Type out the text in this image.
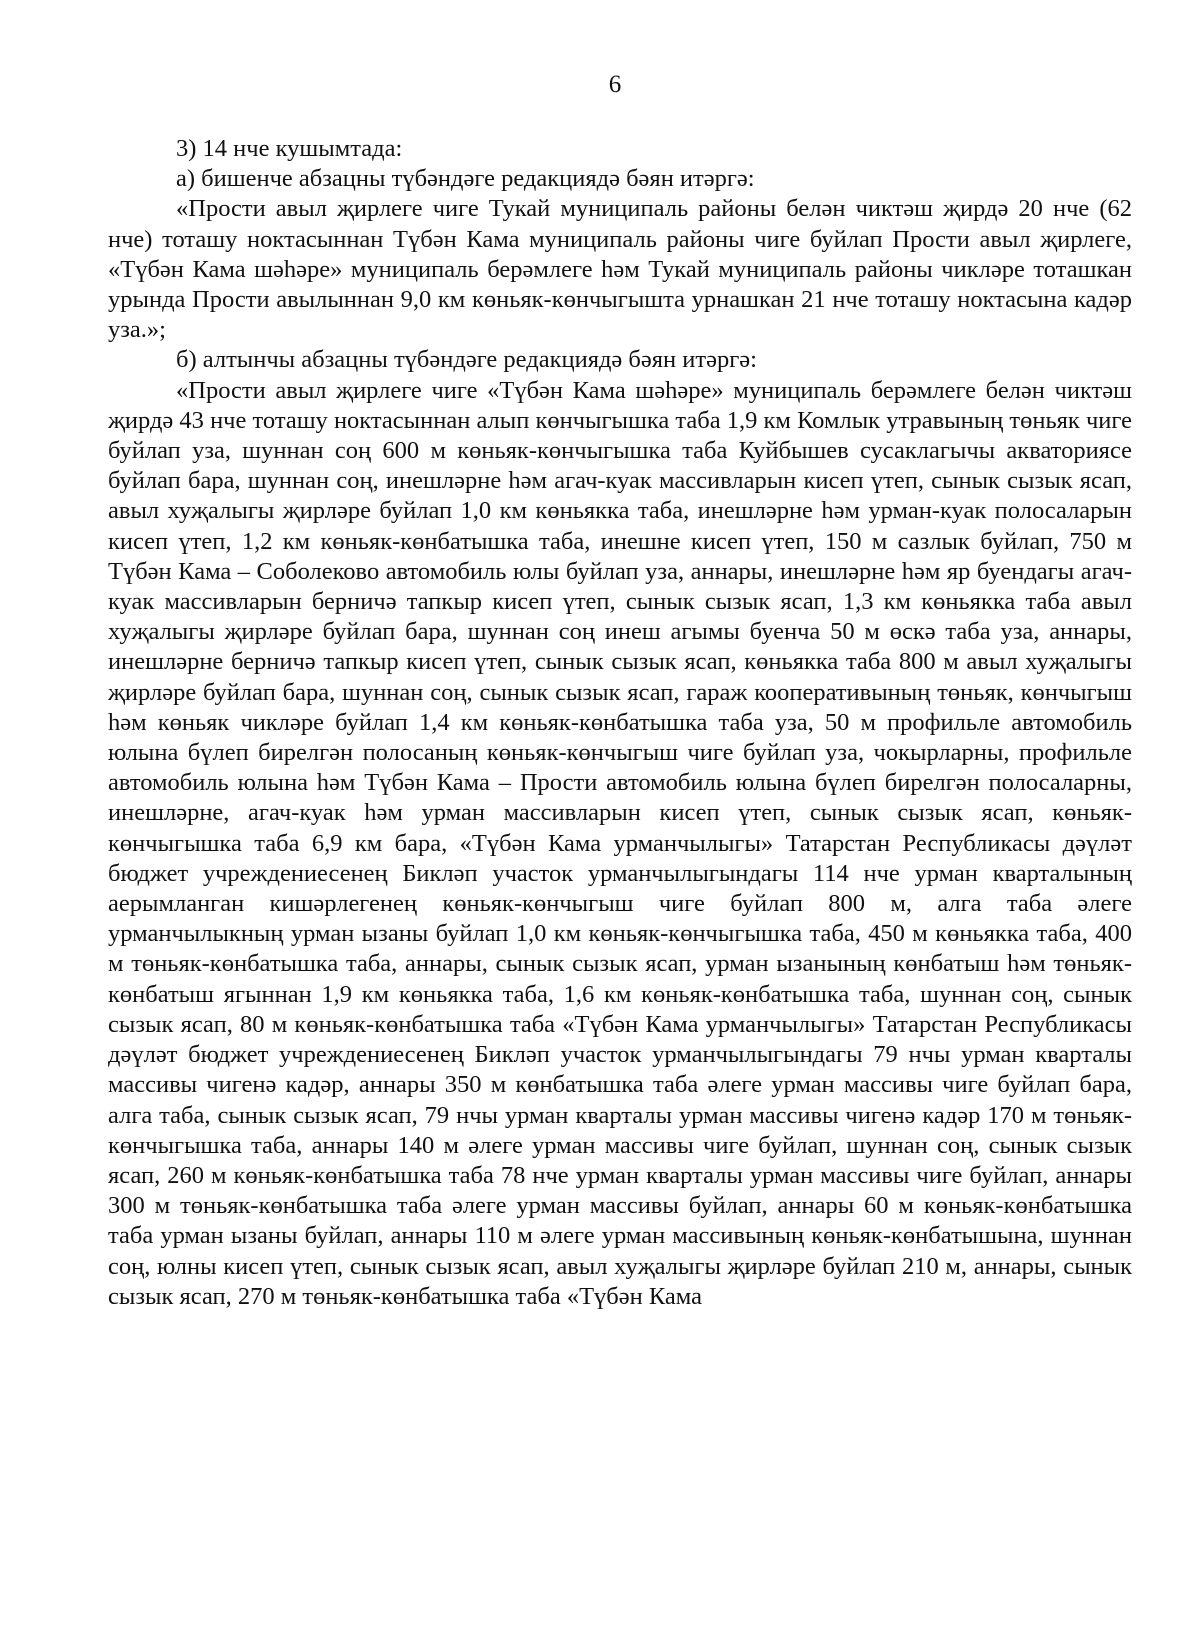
6

3) 14 нче кушымтада:

а) бишенче абзацны түбәндәге редакциядә бәян итәргә:

«Прости авыл җирлеге чиге Тукай муниципаль районы белән чиктәш җирдә 20 нче (62 нче) тоташу ноктасыннан Түбән Кама муниципаль районы чиге буйлап Прости авыл җирлеге, «Түбән Кама шәһәре» муниципаль берәмлеге һәм Тукай муниципаль районы чикләре тоташкан урында Прости авылыннан 9,0 км көньяк-көнчыгышта урнашкан 21 нче тоташу ноктасына кадәр уза.»;

б) алтынчы абзацны түбәндәге редакциядә бәян итәргә:

«Прости авыл җирлеге чиге «Түбән Кама шәһәре» муниципаль берәмлеге белән чиктәш җирдә 43 нче тоташу ноктасыннан алып көнчыгышка таба 1,9 км Комлык утравының төньяк чиге буйлап уза, шуннан соң 600 м көньяк-көнчыгышка таба Куйбышев сусаклагычы акваториясе буйлап бара, шуннан соң, инешләрне һәм агач-куак массивларын кисеп үтеп, сынык сызык ясап, авыл хуҗалыгы җирләре буйлап 1,0 км көньякка таба, инешләрне һәм урман-куак полосаларын кисеп үтеп, 1,2 км көньяк-көнбатышка таба, инешне кисеп үтеп, 150 м сазлык буйлап, 750 м Түбән Кама – Соболеково автомобиль юлы буйлап уза, аннары, инешләрне һәм яр буендагы агач-куак массивларын берничә тапкыр кисеп үтеп, сынык сызык ясап, 1,3 км көньякка таба авыл хуҗалыгы җирләре буйлап бара, шуннан соң инеш агымы буенча 50 м өскә таба уза, аннары, инешләрне берничә тапкыр кисеп үтеп, сынык сызык ясап, көньякка таба 800 м авыл хуҗалыгы җирләре буйлап бара, шуннан соң, сынык сызык ясап, гараж кооперативының төньяк, көнчыгыш һәм көньяк чикләре буйлап 1,4 км көньяк-көнбатышка таба уза, 50 м профильле автомобиль юлына бүлеп бирелгән полосаның көньяк-көнчыгыш чиге буйлап уза, чокырларны, профильле автомобиль юлына һәм Түбән Кама – Прости автомобиль юлына бүлеп бирелгән полосаларны, инешләрне, агач-куак һәм урман массивларын кисеп үтеп, сынык сызык ясап, көньяк-көнчыгышка таба 6,9 км бара, «Түбән Кама урманчылыгы» Татарстан Республикасы дәүләт бюджет учреждениесенең Бикләп участок урманчылыгындагы 114 нче урман кварталының аерымланган кишәрлегенең көньяк-көнчыгыш чиге буйлап 800 м, алга таба әлеге урманчылыкның урман ызаны буйлап 1,0 км көньяк-көнчыгышка таба, 450 м көньякка таба, 400 м төньяк-көнбатышка таба, аннары, сынык сызык ясап, урман ызанының көнбатыш һәм төньяк-көнбатыш ягыннан 1,9 км көньякка таба, 1,6 км көньяк-көнбатышка таба, шуннан соң, сынык сызык ясап, 80 м көньяк-көнбатышка таба «Түбән Кама урманчылыгы» Татарстан Республикасы дәүләт бюджет учреждениесенең Бикләп участок урманчылыгындагы 79 нчы урман кварталы массивы чигенә кадәр, аннары 350 м көнбатышка таба әлеге урман массивы чиге буйлап бара, алга таба, сынык сызык ясап, 79 нчы урман кварталы урман массивы чигенә кадәр 170 м төньяк-көнчыгышка таба, аннары 140 м әлеге урман массивы чиге буйлап, шуннан соң, сынык сызык ясап, 260 м көньяк-көнбатышка таба 78 нче урман кварталы урман массивы чиге буйлап, аннары 300 м төньяк-көнбатышка таба әлеге урман массивы буйлап, аннары 60 м көньяк-көнбатышка таба урман ызаны буйлап, аннары 110 м әлеге урман массивының көньяк-көнбатышына, шуннан соң, юлны кисеп үтеп, сынык сызык ясап, авыл хуҗалыгы җирләре буйлап 210 м, аннары, сынык сызык ясап, 270 м төньяк-көнбатышка таба «Түбән Кама
